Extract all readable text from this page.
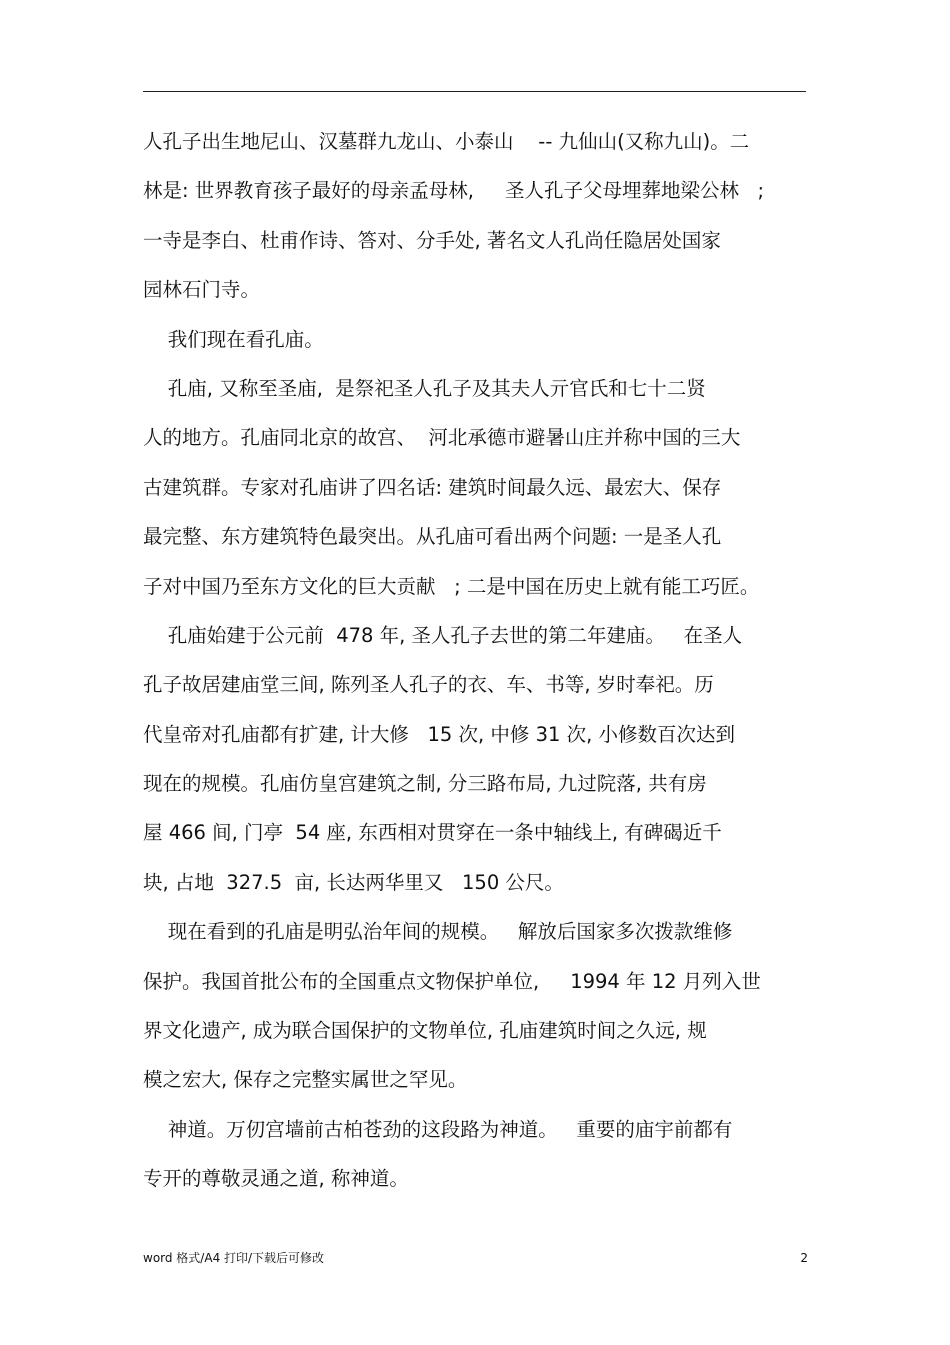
人孔子出生地尼山、汉墓群九龙山、小泰山    -- 九仙山(又称九山)。二
林是: 世界教育孩子最好的母亲孟母林,     圣人孔子父母埋葬地梁公林   ;
一寺是李白、杜甫作诗、答对、分手处, 著名文人孔尚任隐居处国家
园林石门寺。
我们现在看孔庙。
孔庙, 又称至圣庙,  是祭祀圣人孔子及其夫人亓官氏和七十二贤
人的地方。孔庙同北京的故宫、  河北承德市避暑山庄并称中国的三大
古建筑群。专家对孔庙讲了四名话: 建筑时间最久远、最宏大、保存
最完整、东方建筑特色最突出。从孔庙可看出两个问题: 一是圣人孔
子对中国乃至东方文化的巨大贡献   ; 二是中国在历史上就有能工巧匠。
孔庙始建于公元前  478 年, 圣人孔子去世的第二年建庙。   在圣人
孔子故居建庙堂三间, 陈列圣人孔子的衣、车、书等, 岁时奉祀。历
代皇帝对孔庙都有扩建, 计大修   15 次, 中修 31 次, 小修数百次达到
现在的规模。孔庙仿皇宫建筑之制, 分三路布局, 九过院落, 共有房
屋 466 间, 门亭  54 座, 东西相对贯穿在一条中轴线上, 有碑碣近千
块, 占地  327.5  亩, 长达两华里又   150 公尺。
现在看到的孔庙是明弘治年间的规模。   解放后国家多次拨款维修
保护。我国首批公布的全国重点文物保护单位,     1994 年 12 月列入世
界文化遗产, 成为联合国保护的文物单位, 孔庙建筑时间之久远, 规
模之宏大, 保存之完整实属世之罕见。
神道。万仞宫墙前古柏苍劲的这段路为神道。   重要的庙宇前都有
专开的尊敬灵通之道, 称神道。
word 格式/A4 打印/下载后可修改	2
